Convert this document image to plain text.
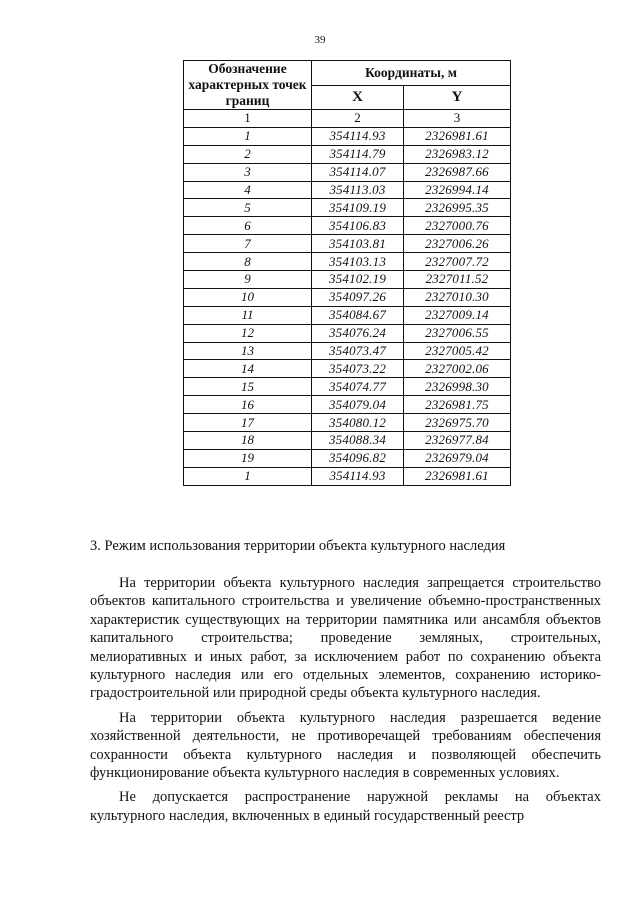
39
Обозначение характерных точек границ	Координаты, м	
	X	Y
1	2	3
1	354114.93	2326981.61
2	354114.79	2326983.12
3	354114.07	2326987.66
4	354113.03	2326994.14
5	354109.19	2326995.35
6	354106.83	2327000.76
7	354103.81	2327006.26
8	354103.13	2327007.72
9	354102.19	2327011.52
10	354097.26	2327010.30
11	354084.67	2327009.14
12	354076.24	2327006.55
13	354073.47	2327005.42
14	354073.22	2327002.06
15	354074.77	2326998.30
16	354079.04	2326981.75
17	354080.12	2326975.70
18	354088.34	2326977.84
19	354096.82	2326979.04
1	354114.93	2326981.61
3. Режим использования территории объекта культурного наследия

На территории объекта культурного наследия запрещается строительство объектов капитального строительства и увеличение объемно-пространственных характеристик существующих на территории памятника или ансамбля объектов капитального строительства; проведение земляных, строительных, мелиоративных и иных работ, за исключением работ по сохранению объекта культурного наследия или его отдельных элементов, сохранению историко-градостроительной или природной среды объекта культурного наследия.

На территории объекта культурного наследия разрешается ведение хозяйственной деятельности, не противоречащей требованиям обеспечения сохранности объекта культурного наследия и позволяющей обеспечить функционирование объекта культурного наследия в современных условиях.

Не допускается распространение наружной рекламы на объектах культурного наследия, включенных в единый государственный реестр
